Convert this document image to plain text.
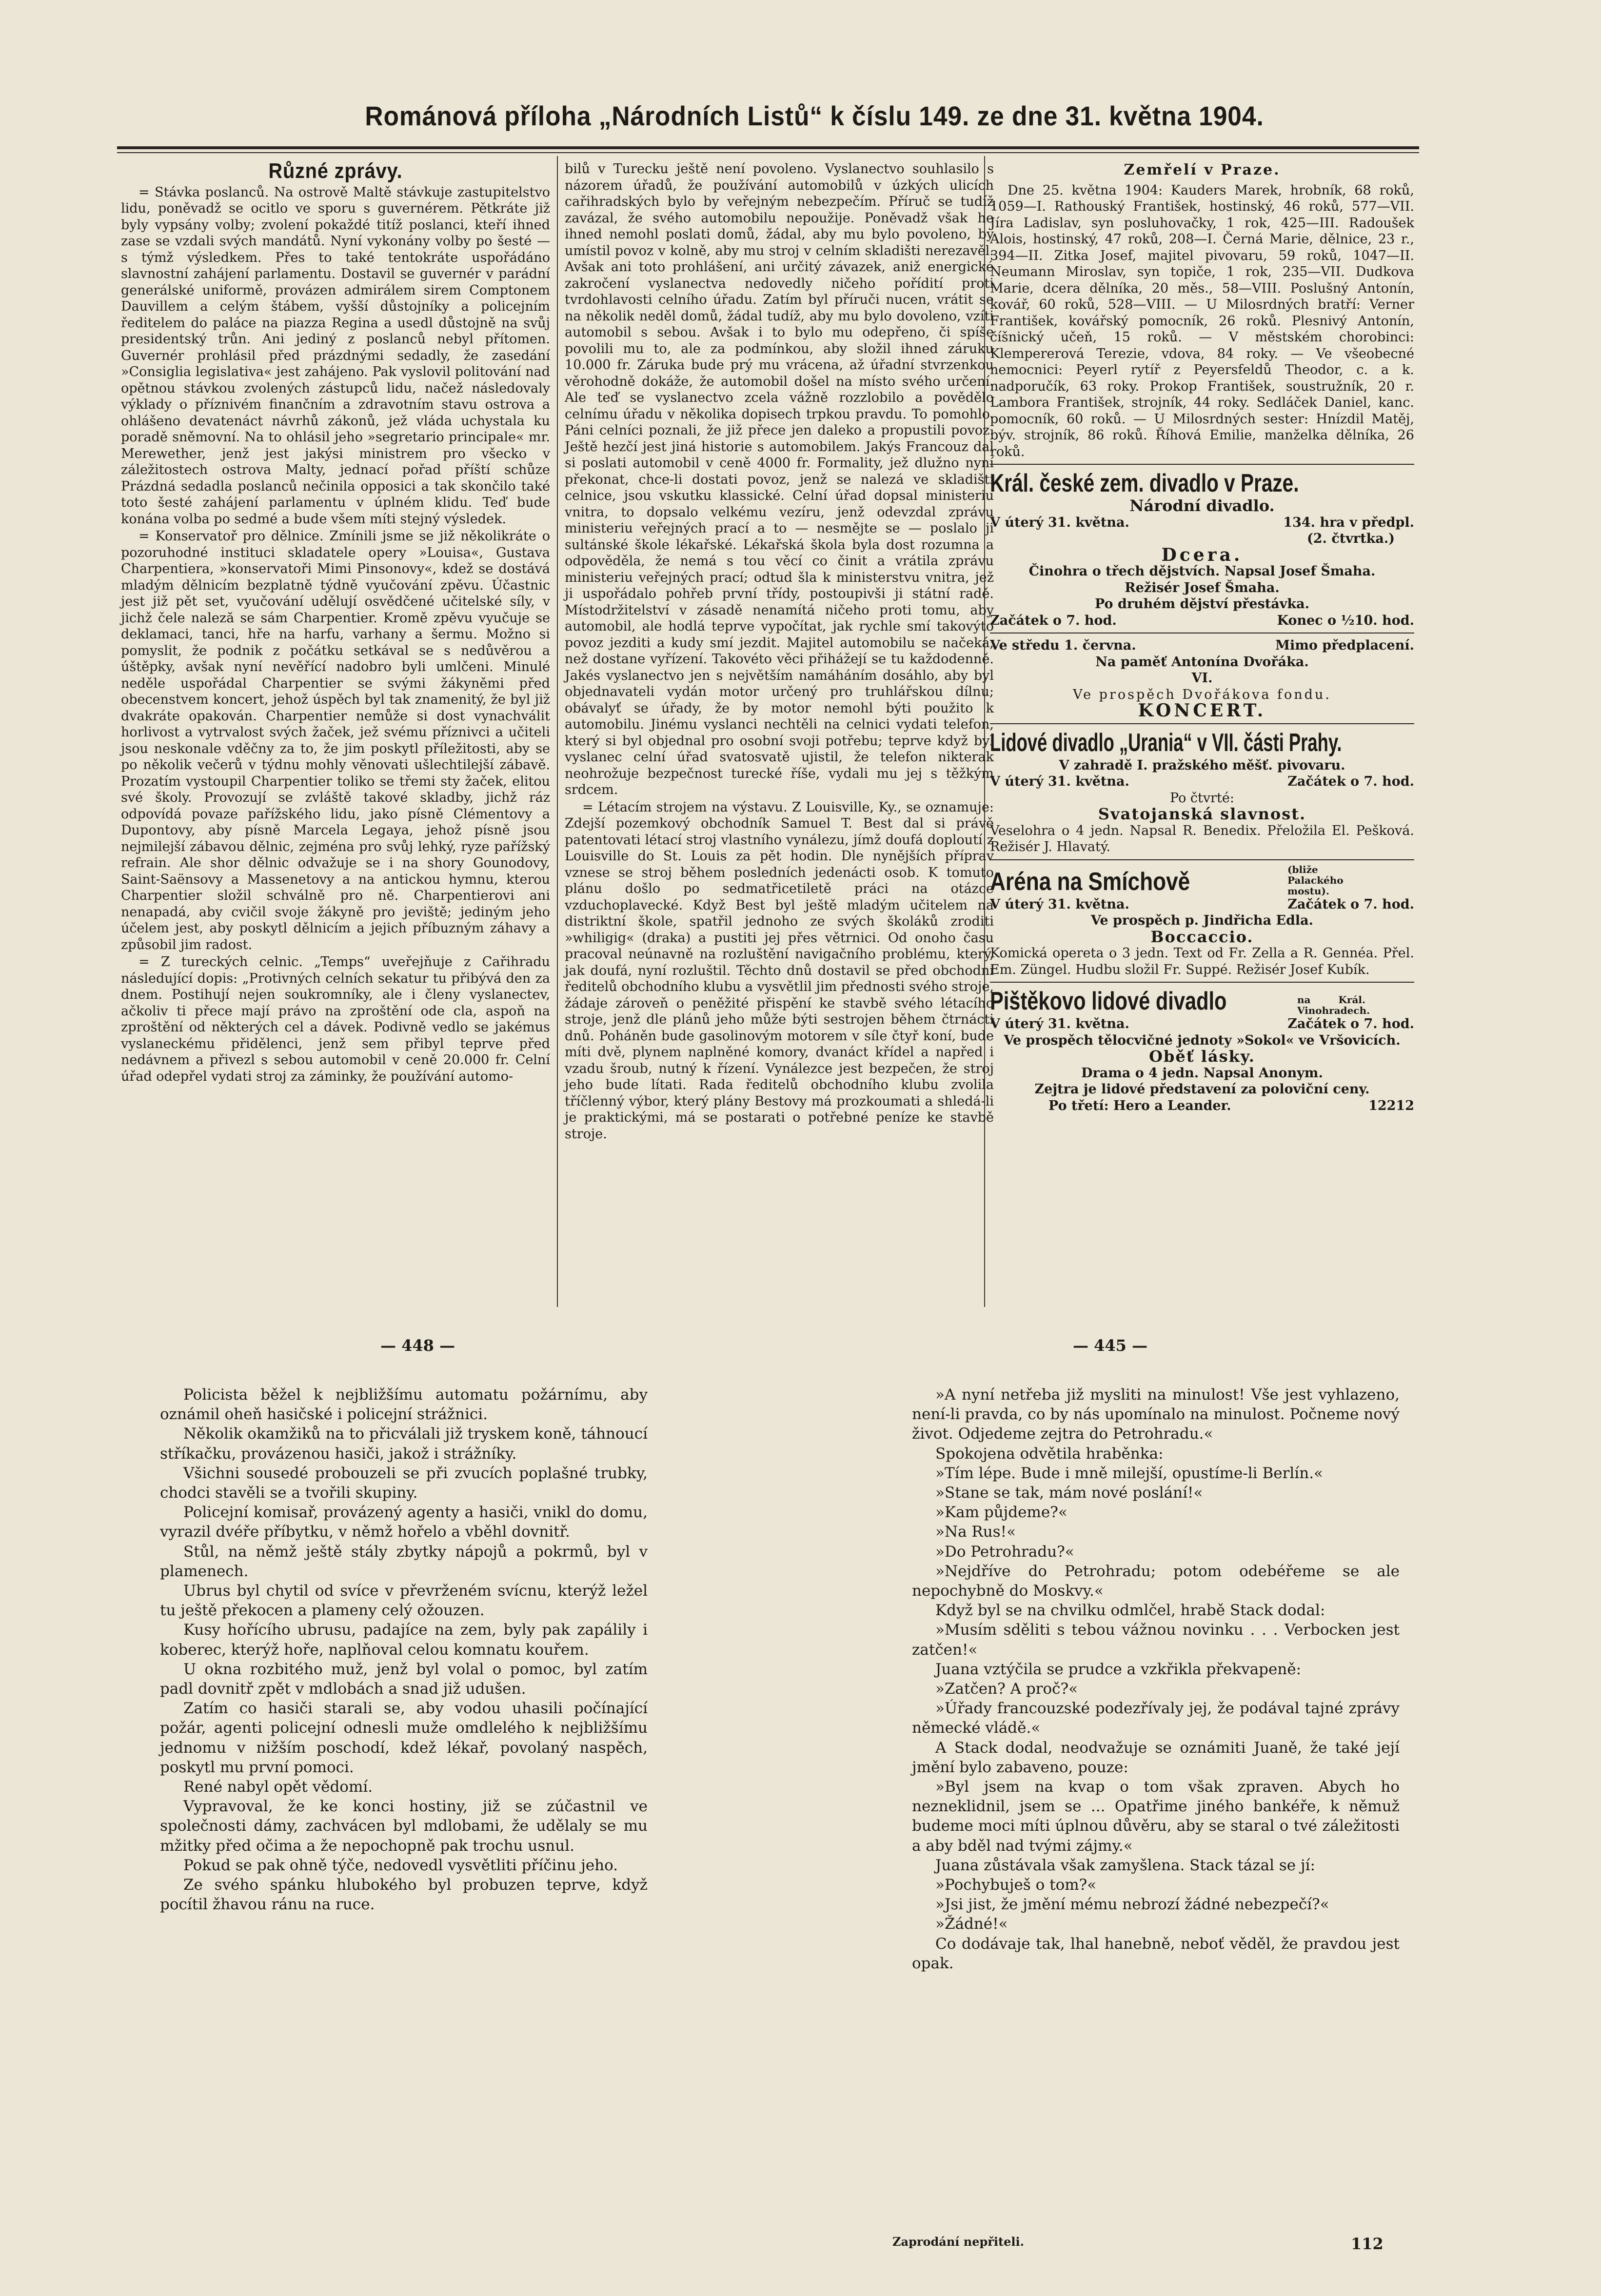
Románová příloha „Národních Listů“ k číslu 149. ze dne 31. května 1904.
Různé zprávy.

= Stávka poslanců. Na ostrově Maltě stávkuje zastupitelstvo lidu, poněvadž se ocitlo ve sporu s guvernérem. Pětkráte již byly vypsány volby; zvolení pokaždé titíž poslanci, kteří ihned zase se vzdali svých mandátů. Nyní vykonány volby po šesté — s týmž výsledkem. Přes to také tentokráte uspořádáno slavnostní zahájení parlamentu. Dostavil se guvernér v parádní generálské uniformě, provázen admirálem sirem Comptonem Dauvillem a celým štábem, vyšší důstojníky a policejním ředitelem do paláce na piazza Regina a usedl důstojně na svůj presidentský trůn. Ani jediný z poslanců nebyl přítomen. Guvernér prohlásil před prázdnými sedadly, že zasedání »Consiglia legislativa« jest zahájeno. Pak vyslovil politování nad opětnou stávkou zvolených zástupců lidu, načež následovaly výklady o příznivém finančním a zdravotním stavu ostrova a ohlášeno devatenáct návrhů zákonů, jež vláda uchystala ku poradě sněmovní. Na to ohlásil jeho »segretario principale« mr. Merewether, jenž jest jakýsi ministrem pro všecko v záležitostech ostrova Malty, jednací pořad příští schůze Prázdná sedadla poslanců nečinila opposici a tak skončilo také toto šesté zahájení parlamentu v úplném klidu. Teď bude konána volba po sedmé a bude všem míti stejný výsledek.

= Konservatoř pro dělnice. Zmínili jsme se již několikráte o pozoruhodné instituci skladatele opery »Louisa«, Gustava Charpentiera, »konservatoři Mimi Pinsonovy«, kdež se dostává mladým dělnicím bezplatně týdně vyučování zpěvu. Účastnic jest již pět set, vyučování udělují osvědčené učitelské síly, v jichž čele naleză se sám Charpentier. Kromě zpěvu vyučuje se deklamaci, tanci, hře na harfu, varhany a šermu. Možno si pomyslit, že podnik z počátku setkával se s nedůvěrou a úštěpky, avšak nyní nevěřící nadobro byli umlčeni. Minulé neděle uspořádal Charpentier se svými žákyněmi před obecenstvem koncert, jehož úspěch byl tak znamenitý, že byl již dvakráte opakován. Charpentier nemůže si dost vynachválit horlivost a vytrvalost svých žaček, jež svému příznivci a učiteli jsou neskonale vděčny za to, že jim poskytl příležitosti, aby se po několik večerů v týdnu mohly věnovati ušlechtilejší zábavě. Prozatím vystoupil Charpentier toliko se třemi sty žaček, elitou své školy. Provozují se zvláště takové skladby, jichž ráz odpovídá povaze pařížského lidu, jako písně Clémentovy a Dupontovy, aby písně Marcela Legaya, jehož písně jsou nejmilejší zábavou dělnic, zejména pro svůj lehký, ryze pařížský refrain. Ale shor dělnic odvažuje se i na shory Gounodovy, Saint-Saënsovy a Massenetovy a na antickou hymnu, kterou Charpentier složil schválně pro ně. Charpentierovi ani nenapadá, aby cvičil svoje žákyně pro jeviště; jediným jeho účelem jest, aby poskytl dělnicím a jejich příbuzným záhavy a způsobil jim radost.

= Z tureckých celnic. „Temps“ uveřejňuje z Cařihradu následující dopis: „Protivných celních sekatur tu přibývá den za dnem. Postihují nejen soukromníky, ale i členy vyslanectev, ačkoliv ti přece mají právo na zproštění ode cla, aspoň na zproštění od některých cel a dávek. Podivně vedlo se jakémus vyslaneckému přidělenci, jenž sem přibyl teprve před nedávnem a přivezl s sebou automobil v ceně 20.000 fr. Celní úřad odepřel vydati stroj za záminky, že používání automo-

bilů v Turecku ještě není povoleno. Vyslanectvo souhlasilo s názorem úřadů, že používání automobilů v úzkých ulicích cařihradských bylo by veřejným nebezpečím. Příruč se tudíž zavázal, že svého automobilu nepoužije. Poněvadž však he ihned nemohl poslati domů, žádal, aby mu bylo povoleno, by umístil povoz v kolně, aby mu stroj v celním skladišti nerezavěl. Avšak ani toto prohlášení, ani určitý závazek, aniž energické zakročení vyslanectva nedovedly ničeho pořídití proti tvrdohlavosti celního úřadu. Zatím byl příruči nucen, vrátit se na několik neděl domů, žádal tudíž, aby mu bylo dovoleno, vzíti automobil s sebou. Avšak i to bylo mu odepřeno, či spíše povolili mu to, ale za podmínkou, aby složil ihned záruku 10.000 fr. Záruka bude prý mu vrácena, až úřadní stvrzenkou věrohodně dokáže, že automobil došel na místo svého určení. Ale teď se vyslanectvo zcela vážně rozzlobilo a povědělo celnímu úřadu v několika dopisech trpkou pravdu. To pomohlo. Páni celníci poznali, že již přece jen daleko a propustili povoz. Ještě hezčí jest jiná historie s automobilem. Jakýs Francouz dal si poslati automobil v ceně 4000 fr. Formality, jež dlužno nyní překonat, chce-li dostati povoz, jenž se nalezá ve skladišti celnice, jsou vskutku klassické. Celní úřad dopsal ministeriu vnitra, to dopsalo velkému vezíru, jenž odevzdal zprávu ministeriu veřejných prací a to — nesmějte se — poslalo ji sultánské škole lékařské. Lékařská škola byla dost rozumna a odpověděla, že nemá s tou věcí co činit a vrátila zprávu ministeriu veřejných prací; odtud šla k ministerstvu vnitra, jež ji uspořádalo pohřeb první třídy, postoupivši ji státní radě. Místodržitelství v zásadě nenamítá ničeho proti tomu, aby automobil, ale hodlá teprve vypočítat, jak rychle smí takovýto povoz jezditi a kudy smí jezdit. Majitel automobilu se načeká, než dostane vyřízení. Takovéto věci přihážejí se tu každodenně. Jakés vyslanectvo jen s největším namáháním dosáhlo, aby byl objednavateli vydán motor určený pro truhlářskou dílnu; obávalyť se úřady, že by motor nemohl býti použito k automobilu. Jinému vyslanci nechtěli na celnici vydati telefon, který si byl objednal pro osobní svoji potřebu; teprve když byl vyslanec celní úřad svatosvatě ujistil, že telefon nikterak neohrožuje bezpečnost turecké říše, vydali mu jej s těžkým srdcem.

= Létacím strojem na výstavu. Z Louisville, Ky., se oznamuje: Zdejší pozemkový obchodník Samuel T. Best dal si právě patentovati létací stroj vlastního vynálezu, jímž doufá doploutí z Louisville do St. Louis za pět hodin. Dle nynějších příprav vznese se stroj během posledních jedenácti osob. K tomuto plánu došlo po sedmatřicetiletě práci na otázce vzduchoplavecké. Když Best byl ještě mladým učitelem na distriktní škole, spatřil jednoho ze svých školáků zroditi »whiligig« (draka) a pustiti jej přes větrnici. Od onoho času pracoval neúnavně na rozluštění navigačního problému, který, jak doufá, nyní rozluštil. Těchto dnů dostavil se před obchodní ředitelů obchodního klubu a vysvětlil jim přednosti svého stroje, žádaje zároveň o peněžité přispění ke stavbě svého létacího stroje, jenž dle plánů jeho může býti sestrojen během čtrnácti dnů. Poháněn bude gasolinovým motorem v síle čtyř koní, bude míti dvě, plynem naplněné komory, dvanáct křídel a napřed i vzadu šroub, nutný k řízení. Vynálezce jest bezpečen, že stroj jeho bude lítati. Rada ředitelů obchodního klubu zvolila tříčlenný výbor, který plány Bestovy má prozkoumati a shledá-li je praktickými, má se postarati o potřebné peníze ke stavbě stroje.

Zemřelí v Praze.

Dne 25. května 1904: Kauders Marek, hrobník, 68 roků, 1059—I. Rathouský František, hostinský, 46 roků, 577—VII. Jíra Ladislav, syn posluhovačky, 1 rok, 425—III. Radoušek Alois, hostinský, 47 roků, 208—I. Černá Marie, dělnice, 23 r., 394—II. Zitka Josef, majitel pivovaru, 59 roků, 1047—II. Neumann Miroslav, syn topiče, 1 rok, 235—VII. Dudkova Marie, dcera dělníka, 20 měs., 58—VIII. Poslušný Antonín, kovář, 60 roků, 528—VIII. — U Milosrdných bratří: Verner František, kovářský pomocník, 26 roků. Plesnivý Antonín, číšnický učeň, 15 roků. — V městském chorobinci: Klempererová Terezie, vdova, 84 roky. — Ve všeobecné nemocnici: Peyerl rytíř z Peyersfeldů Theodor, c. a k. nadporučík, 63 roky. Prokop František, soustružník, 20 r. Lambora František, strojník, 44 roky. Sedláček Daniel, kanc. pomocník, 60 roků. — U Milosrdných sester: Hnízdil Matěj, býv. strojník, 86 roků. Říhová Emilie, manželka dělníka, 26 roků.

Král. české zem. divadlo v Praze.
Národní divadlo.
V úterý 31. května.	134. hra v předpl.
(2. čtvrtka.)
Dcera.
Činohra o třech dějstvích. Napsal Josef Šmaha.
Režisér Josef Šmaha.
Po druhém dějství přestávka.
Začátek o 7. hod.	Konec o ½10. hod.
Ve středu 1. června.	Mimo předplacení.
Na paměť Antonína Dvořáka.
VI.
Ve prospěch Dvořákova fondu.
KONCERT.
Lidové divadlo „Urania“ v VII. části Prahy.
V zahradě I. pražského měšť. pivovaru.
V úterý 31. května.	Začátek o 7. hod.
Po čtvrté:
Svatojanská slavnost.
Veselohra o 4 jedn. Napsal R. Benedix. Přeložila El. Pešková. Režisér J. Hlavatý.
Aréna na Smíchově	(bliže Palackého mostu).
V úterý 31. května.	Začátek o 7. hod.
Ve prospěch p. Jindřicha Edla.
Boccaccio.
Komická opereta o 3 jedn. Text od Fr. Zella a R. Gennéa. Přel. Em. Züngel. Hudbu složil Fr. Suppé. Režisér Josef Kubík.
Pištěkovo lidové divadlo	na Král. Vinohradech.
V úterý 31. května.	Začátek o 7. hod.
Ve prospěch tělocvičné jednoty »Sokol« ve Vršovicích.
Oběť lásky.
Drama o 4 jedn. Napsal Anonym.
Zejtra je lidové představení za poloviční ceny.
Po třetí: Hero a Leander.	12212
— 448 —	— 445 —

Policista běžel k nejbližšímu automatu požárnímu, aby oznámil oheň hasičské i policejní strážnici.

Několik okamžiků na to přicválali již tryskem koně, táhnoucí stříkačku, provázenou hasiči, jakož i strážníky.

Všichni sousedé probouzeli se při zvucích poplašné trubky, chodci stavěli se a tvořili skupiny.

Policejní komisař, provázený agenty a hasiči, vnikl do domu, vyrazil dvéře příbytku, v němž hořelo a vběhl dovnitř.

Stůl, na němž ještě stály zbytky nápojů a pokrmů, byl v plamenech.

Ubrus byl chytil od svíce v převrženém svícnu, kterýž ležel tu ještě překocen a plameny celý ožouzen.

Kusy hořícího ubrusu, padajíce na zem, byly pak zapálily i koberec, kterýž hoře, naplňoval celou komnatu kouřem.

U okna rozbitého muž, jenž byl volal o pomoc, byl zatím padl dovnitř zpět v mdlobách a snad již udušen.

Zatím co hasiči starali se, aby vodou uhasili počínající požár, agenti policejní odnesli muže omdlelého k nejbližšímu jednomu v nižším poschodí, kdež lékař, povolaný naspěch, poskytl mu první pomoci.

René nabyl opět vědomí.

Vypravoval, že ke konci hostiny, již se zúčastnil ve společnosti dámy, zachvácen byl mdlobami, že udělaly se mu mžitky před očima a že nepochopně pak trochu usnul.

Pokud se pak ohně týče, nedovedl vysvětliti příčinu jeho.

Ze svého spánku hlubokého byl probuzen teprve, když pocítil žhavou ránu na ruce.

»A nyní netřeba již mysliti na minulost! Vše jest vyhlazeno, není-li pravda, co by nás upomínalo na minulost. Počneme nový život. Odjedeme zejtra do Petrohradu.«

Spokojena odvětila hraběnka:

»Tím lépe. Bude i mně milejší, opustíme-li Berlín.«

»Stane se tak, mám nové poslání!«

»Kam půjdeme?«

»Na Rus!«

»Do Petrohradu?«

»Nejdříve do Petrohradu; potom odebéřeme se ale nepochybně do Moskvy.«

Když byl se na chvilku odmlčel, hrabě Stack dodal:

»Musím sděliti s tebou vážnou novinku . . . Verbocken jest zatčen!«

Juana vztýčila se prudce a vzkřikla překvapeně:

»Zatčen? A proč?«

»Úřady francouzské podezřívaly jej, že podával tajné zprávy německé vládě.«

A Stack dodal, neodvažuje se oznámiti Juaně, že také její jmění bylo zabaveno, pouze:

»Byl jsem na kvap o tom však zpraven. Abych ho nezneklidnil, jsem se ... Opatřime jiného bankéře, k němuž budeme moci míti úplnou důvěru, aby se staral o tvé záležitosti a aby bděl nad tvými zájmy.«

Juana zůstávala však zamyšlena. Stack tázal se jí:

»Pochybuješ o tom?«

»Jsi jist, že jmění mému nebrozí žádné nebezpečí?«

»Žádné!«

Co dodávaje tak, lhal hanebně, neboť věděl, že pravdou jest opak.

Zaprodání nepřiteli.	112
